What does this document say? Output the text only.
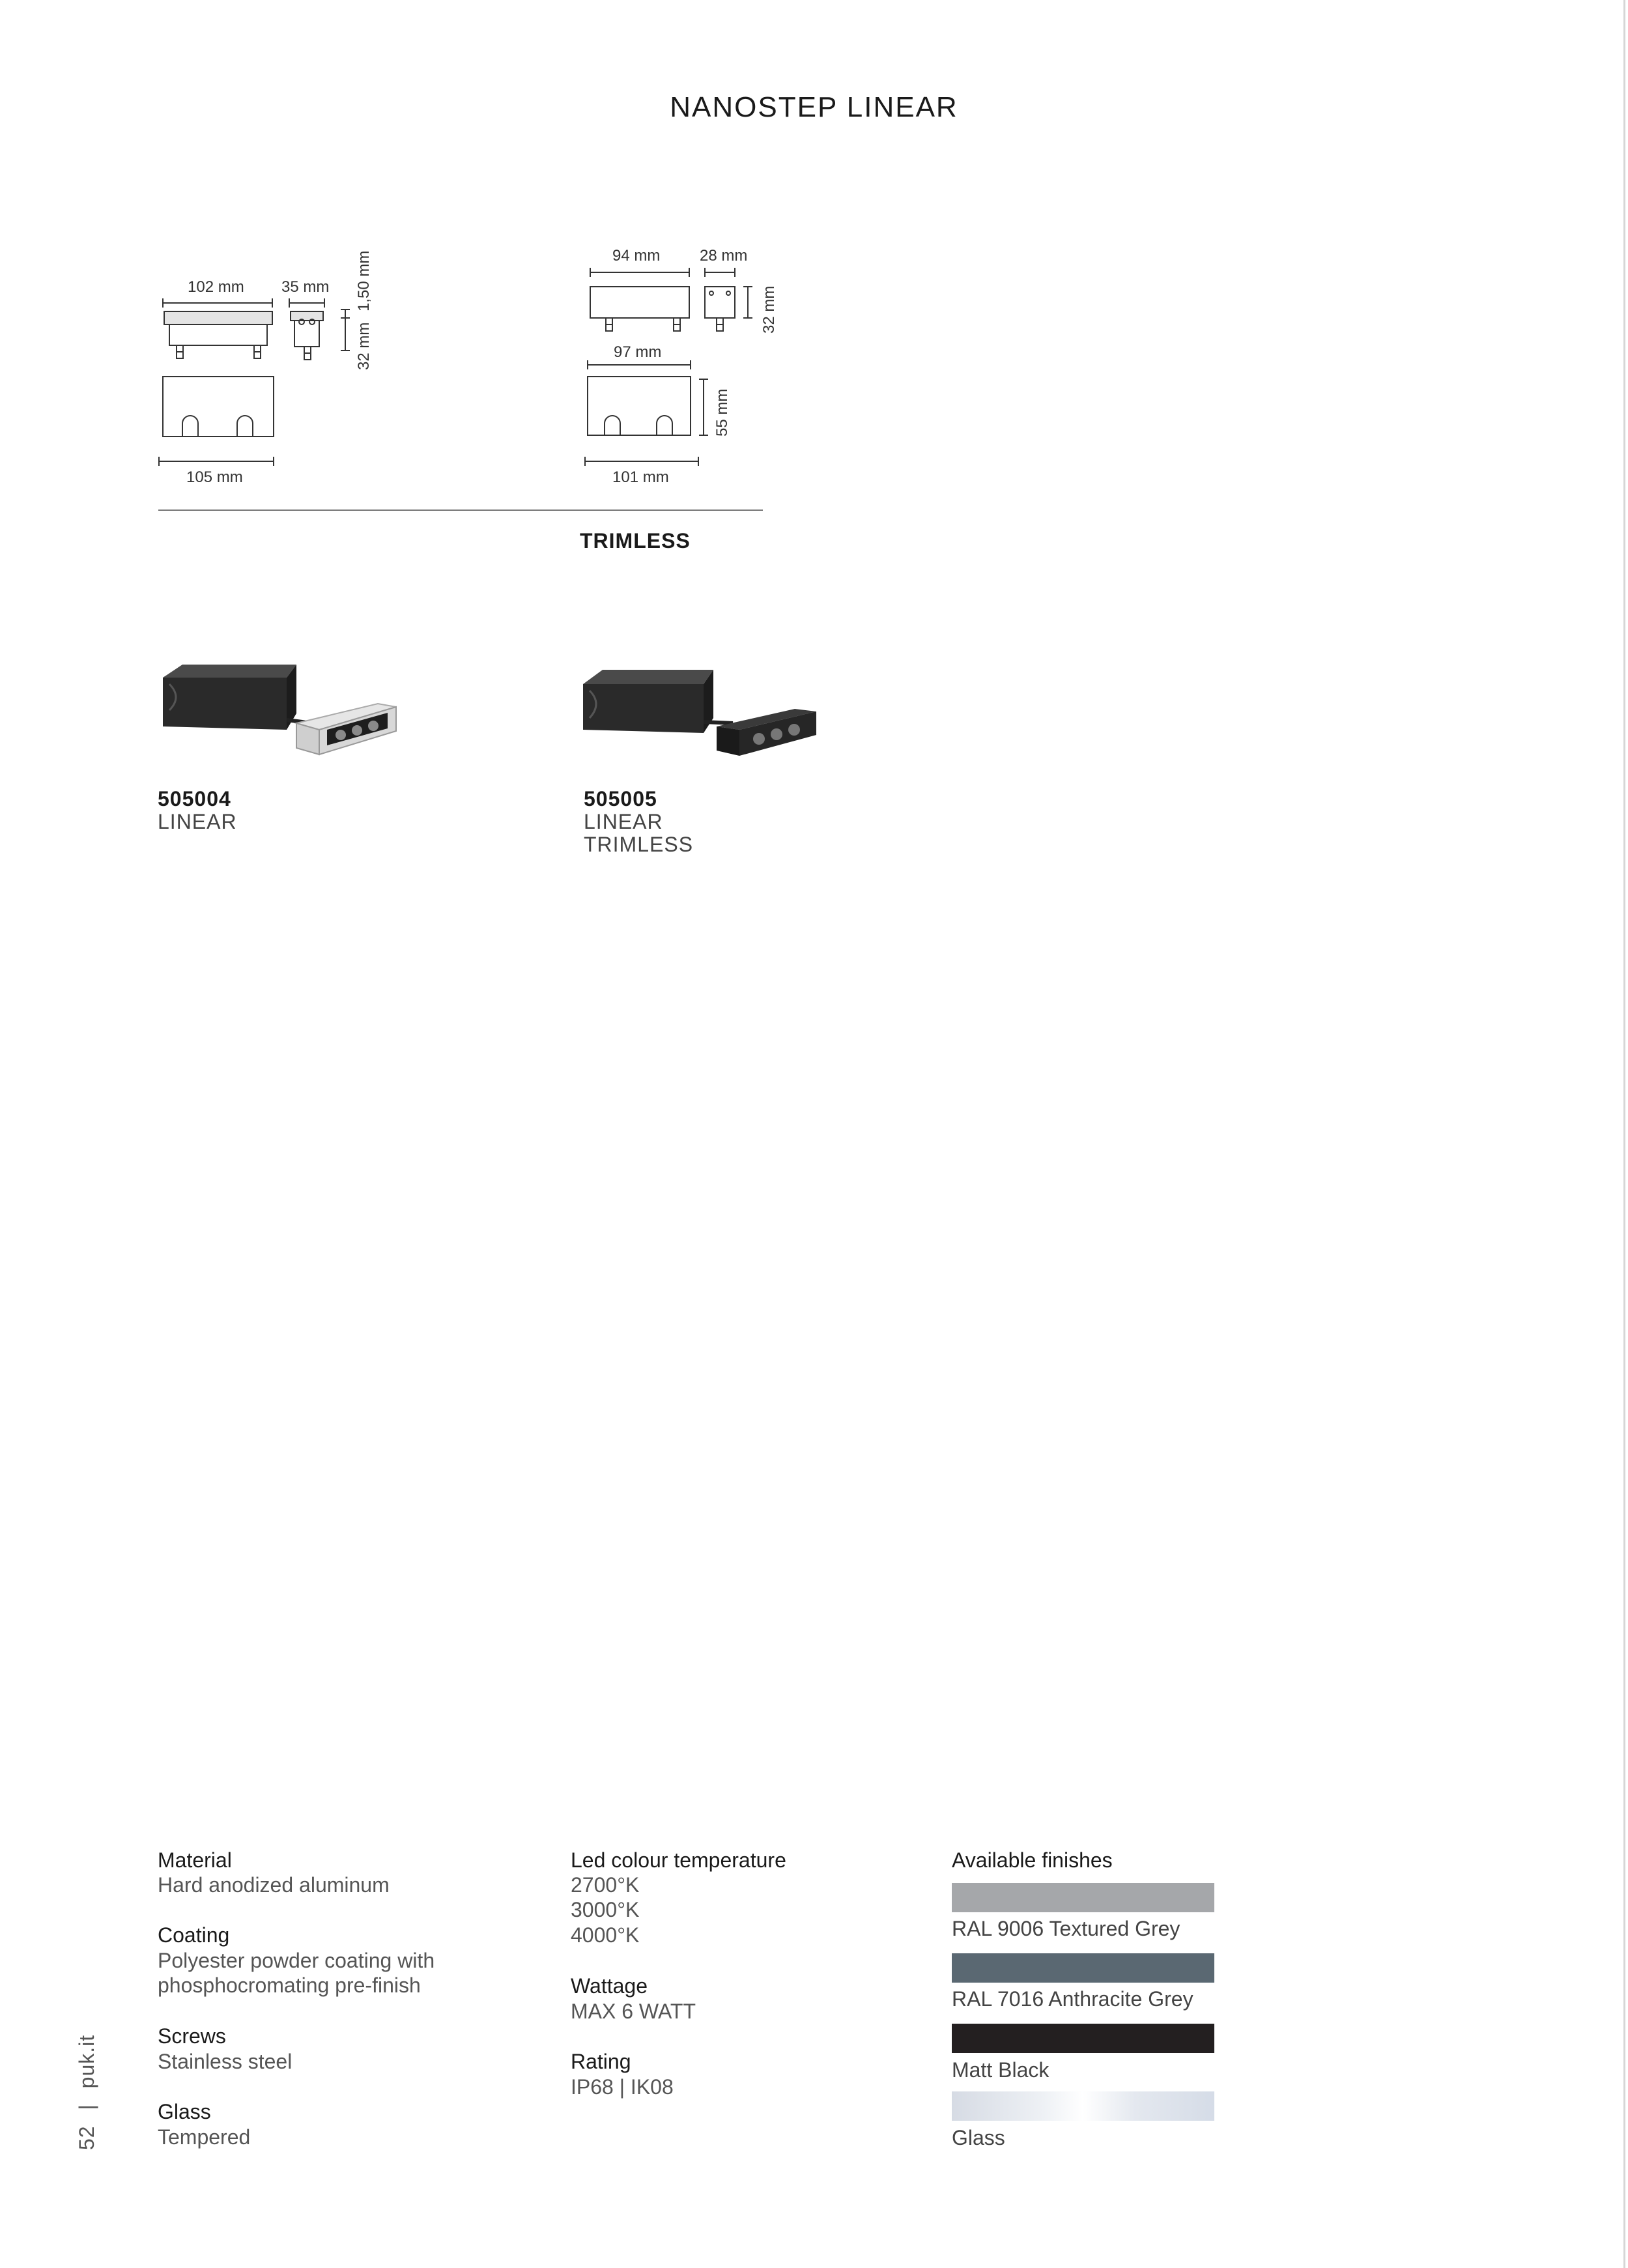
NANOSTEP LINEAR
102 mm 35 mm 1,50 mm
32 mm
105 mm
94 mm	28 mm
32 mm
97 mm
55 mm
101 mm
TRIMLESS
505004
LINEAR
505005
LINEAR
TRIMLESS
Material
Hard anodized aluminum
Coating
Polyester powder coating with
phosphocromating pre-finish
Screws
Stainless steel
Glass
Tempered
Led colour temperature
2700°K
3000°K
4000°K
Wattage
MAX 6 WATT
Rating
IP68 | IK08
Available finishes
RAL 9006 Textured Grey
RAL 7016 Anthracite Grey
Matt Black
Glass
52 | puk.it
